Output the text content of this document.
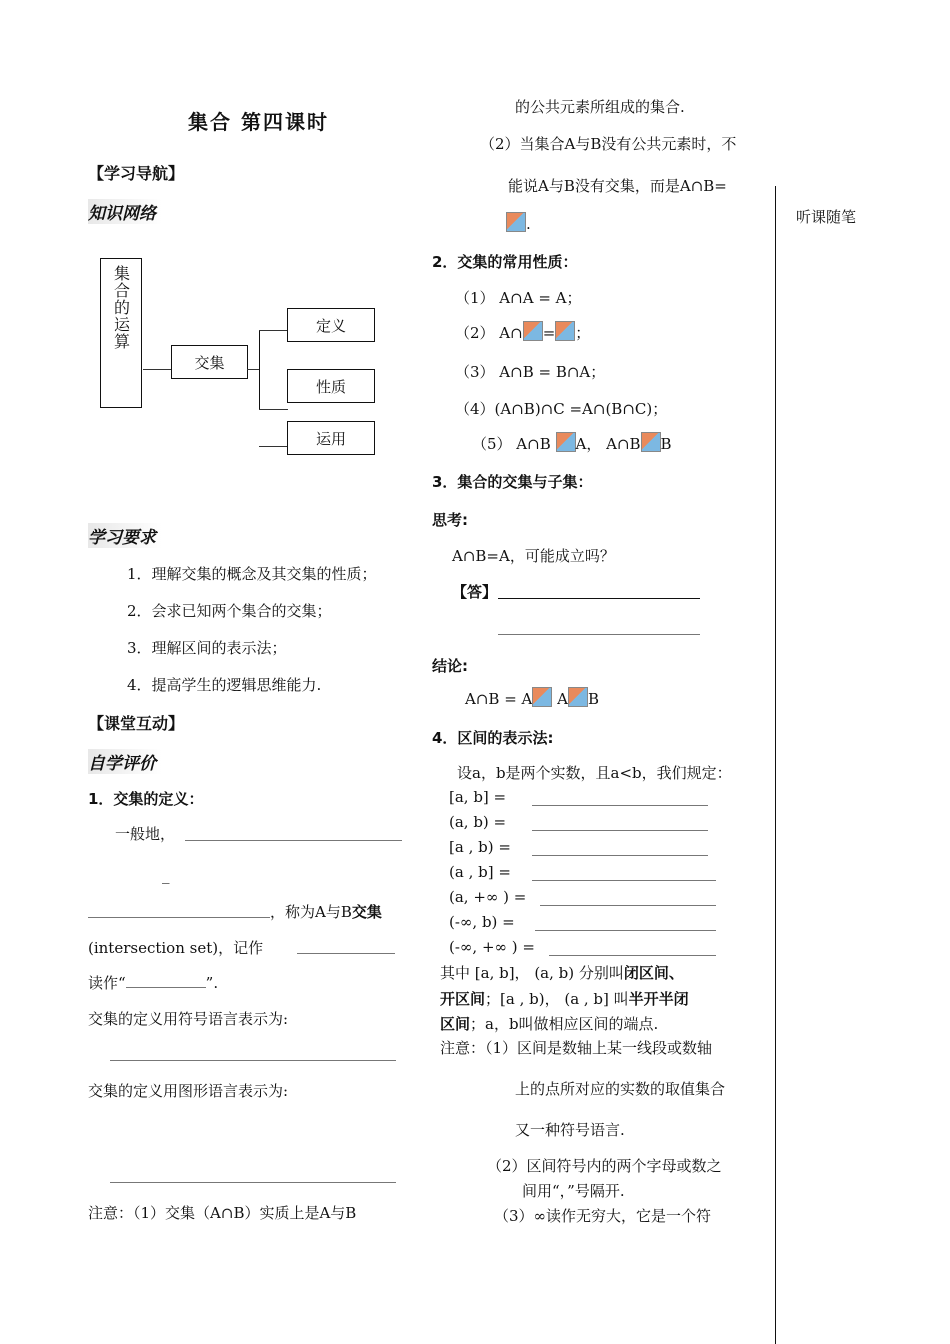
集合 第四课时
听课随笔
【学习导航】
知识网络
集合的运算
交集
定义
性质
运用
学习要求
1．理解交集的概念及其交集的性质；
2．会求已知两个集合的交集；
3．理解区间的表示法；
4．提高学生的逻辑思维能力.
【课堂互动】
自学评价
1．交集的定义：
一般地，
_
，称为A与B交集
(intersection set)，记作
读作“	”.
交集的定义用符号语言表示为:
交集的定义用图形语言表示为:
注意：（1）交集（A∩B）实质上是A与B
的公共元素所组成的集合.
（2）当集合A与B没有公共元素时，不
能说A与B没有交集，而是A∩B=
.
2．交集的常用性质：
（1） A∩A = A；
（2） A∩ = ；
（3） A∩B = B∩A；
（4）(A∩B)∩C =A∩(B∩C)；
（5） A∩B A， A∩B B
3．集合的交集与子集：
思考:
A∩B=A，可能成立吗？
【答】
结论:
A∩B = A A B
4．区间的表示法:
设a，b是两个实数，且a<b，我们规定：
[a, b] =
(a, b) =
[a , b) =
(a , b] =
(a, +∞ ) =
(-∞, b) =
(-∞, +∞ ) =
其中 [a, b]， (a, b) 分别叫闭区间、
开区间；[a , b)， (a , b] 叫半开半闭
区间；a，b叫做相应区间的端点.
注意：（1）区间是数轴上某一线段或数轴
上的点所对应的实数的取值集合
又一种符号语言.
（2）区间符号内的两个字母或数之
间用“，”号隔开.
（3）∞读作无穷大，它是一个符
